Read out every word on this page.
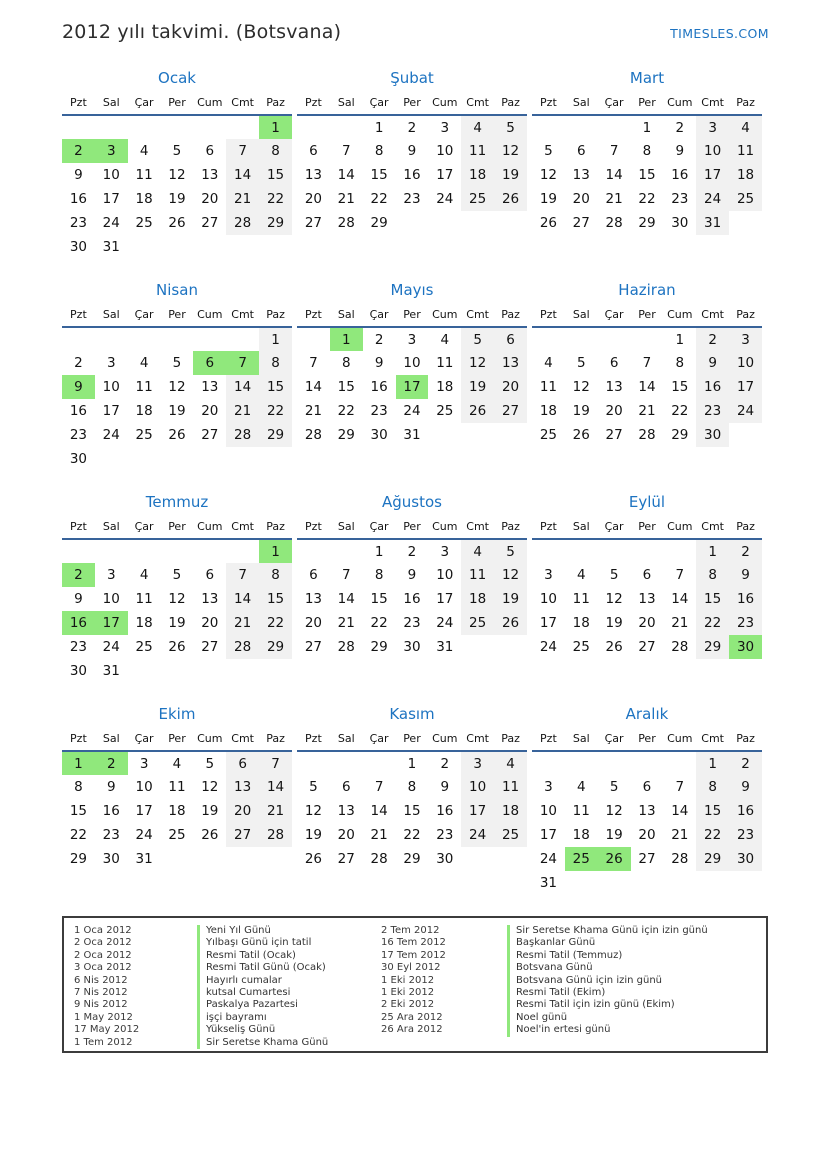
2012 yılı takvimi. (Botsvana)	TIMESLES.COM
Ocak
Pzt	Sal	Çar	Per	Cum	Cmt	Paz
						1
2	3	4	5	6	7	8
9	10	11	12	13	14	15
16	17	18	19	20	21	22
23	24	25	26	27	28	29
30	31					
Şubat
Pzt	Sal	Çar	Per	Cum	Cmt	Paz
		1	2	3	4	5
6	7	8	9	10	11	12
13	14	15	16	17	18	19
20	21	22	23	24	25	26
27	28	29				
Mart
Pzt	Sal	Çar	Per	Cum	Cmt	Paz
			1	2	3	4
5	6	7	8	9	10	11
12	13	14	15	16	17	18
19	20	21	22	23	24	25
26	27	28	29	30	31	
Nisan
Pzt	Sal	Çar	Per	Cum	Cmt	Paz
						1
2	3	4	5	6	7	8
9	10	11	12	13	14	15
16	17	18	19	20	21	22
23	24	25	26	27	28	29
30						
Mayıs
Pzt	Sal	Çar	Per	Cum	Cmt	Paz
	1	2	3	4	5	6
7	8	9	10	11	12	13
14	15	16	17	18	19	20
21	22	23	24	25	26	27
28	29	30	31			
Haziran
Pzt	Sal	Çar	Per	Cum	Cmt	Paz
				1	2	3
4	5	6	7	8	9	10
11	12	13	14	15	16	17
18	19	20	21	22	23	24
25	26	27	28	29	30	
Temmuz
Pzt	Sal	Çar	Per	Cum	Cmt	Paz
						1
2	3	4	5	6	7	8
9	10	11	12	13	14	15
16	17	18	19	20	21	22
23	24	25	26	27	28	29
30	31					
Ağustos
Pzt	Sal	Çar	Per	Cum	Cmt	Paz
		1	2	3	4	5
6	7	8	9	10	11	12
13	14	15	16	17	18	19
20	21	22	23	24	25	26
27	28	29	30	31		
Eylül
Pzt	Sal	Çar	Per	Cum	Cmt	Paz
					1	2
3	4	5	6	7	8	9
10	11	12	13	14	15	16
17	18	19	20	21	22	23
24	25	26	27	28	29	30
Ekim
Pzt	Sal	Çar	Per	Cum	Cmt	Paz
1	2	3	4	5	6	7
8	9	10	11	12	13	14
15	16	17	18	19	20	21
22	23	24	25	26	27	28
29	30	31				
Kasım
Pzt	Sal	Çar	Per	Cum	Cmt	Paz
			1	2	3	4
5	6	7	8	9	10	11
12	13	14	15	16	17	18
19	20	21	22	23	24	25
26	27	28	29	30		
Aralık
Pzt	Sal	Çar	Per	Cum	Cmt	Paz
					1	2
3	4	5	6	7	8	9
10	11	12	13	14	15	16
17	18	19	20	21	22	23
24	25	26	27	28	29	30
31						
1 Oca 2012	Yeni Yıl Günü
2 Oca 2012	Yılbaşı Günü için tatil
2 Oca 2012	Resmi Tatil (Ocak)
3 Oca 2012	Resmi Tatil Günü (Ocak)
6 Nis 2012	Hayırlı cumalar
7 Nis 2012	kutsal Cumartesi
9 Nis 2012	Paskalya Pazartesi
1 May 2012	işçi bayramı
17 May 2012	Yükseliş Günü
1 Tem 2012	Sir Seretse Khama Günü
2 Tem 2012	Sir Seretse Khama Günü için izin günü
16 Tem 2012	Başkanlar Günü
17 Tem 2012	Resmi Tatil (Temmuz)
30 Eyl 2012	Botsvana Günü
1 Eki 2012	Botsvana Günü için izin günü
1 Eki 2012	Resmi Tatil (Ekim)
2 Eki 2012	Resmi Tatil için izin günü (Ekim)
25 Ara 2012	Noel günü
26 Ara 2012	Noel'in ertesi günü
